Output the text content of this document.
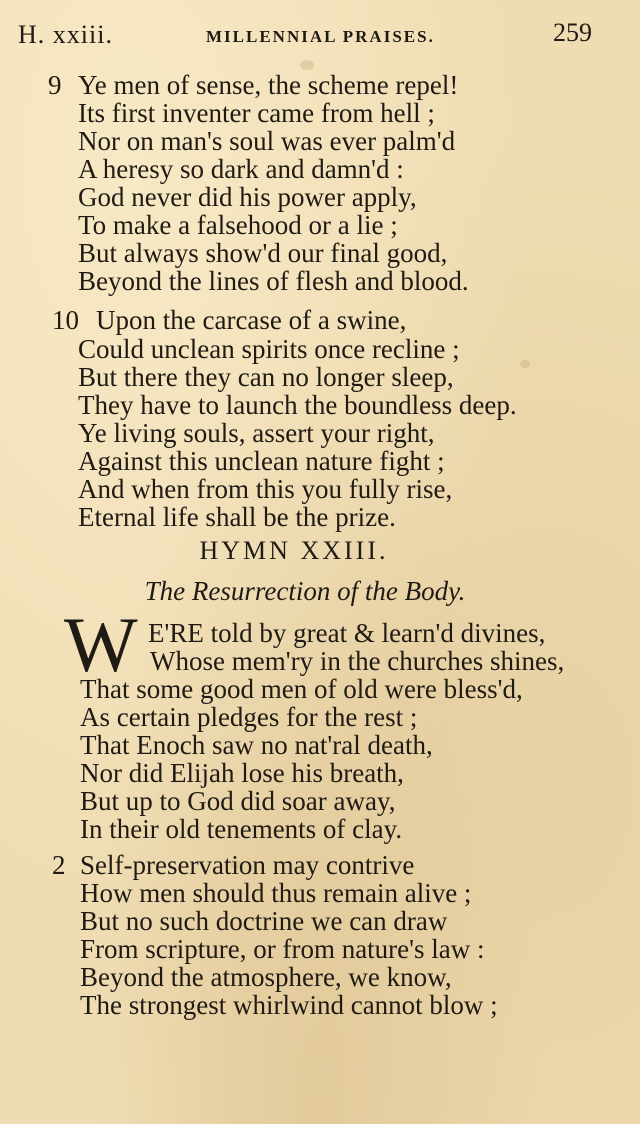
H. xxiii.	MILLENNIAL PRAISES.	259
9 Ye men of sense, the scheme repel!
Its first inventer came from hell ;
Nor on man's soul was ever palm'd
A heresy so dark and damn'd :
God never did his power apply,
To make a falsehood or a lie ;
But always show'd our final good,
Beyond the lines of flesh and blood.
10 Upon the carcase of a swine,
Could unclean spirits once recline ;
But there they can no longer sleep,
They have to launch the boundless deep.
Ye living souls, assert your right,
Against this unclean nature fight ;
And when from this you fully rise,
Eternal life shall be the prize.
HYMN XXIII.
The Resurrection of the Body.
W E'RE told by great & learn'd divines,
Whose mem'ry in the churches shines,
That some good men of old were bless'd,
As certain pledges for the rest ;
That Enoch saw no nat'ral death,
Nor did Elijah lose his breath,
But up to God did soar away,
In their old tenements of clay.
2 Self-preservation may contrive
How men should thus remain alive ;
But no such doctrine we can draw
From scripture, or from nature's law :
Beyond the atmosphere, we know,
The strongest whirlwind cannot blow ;
